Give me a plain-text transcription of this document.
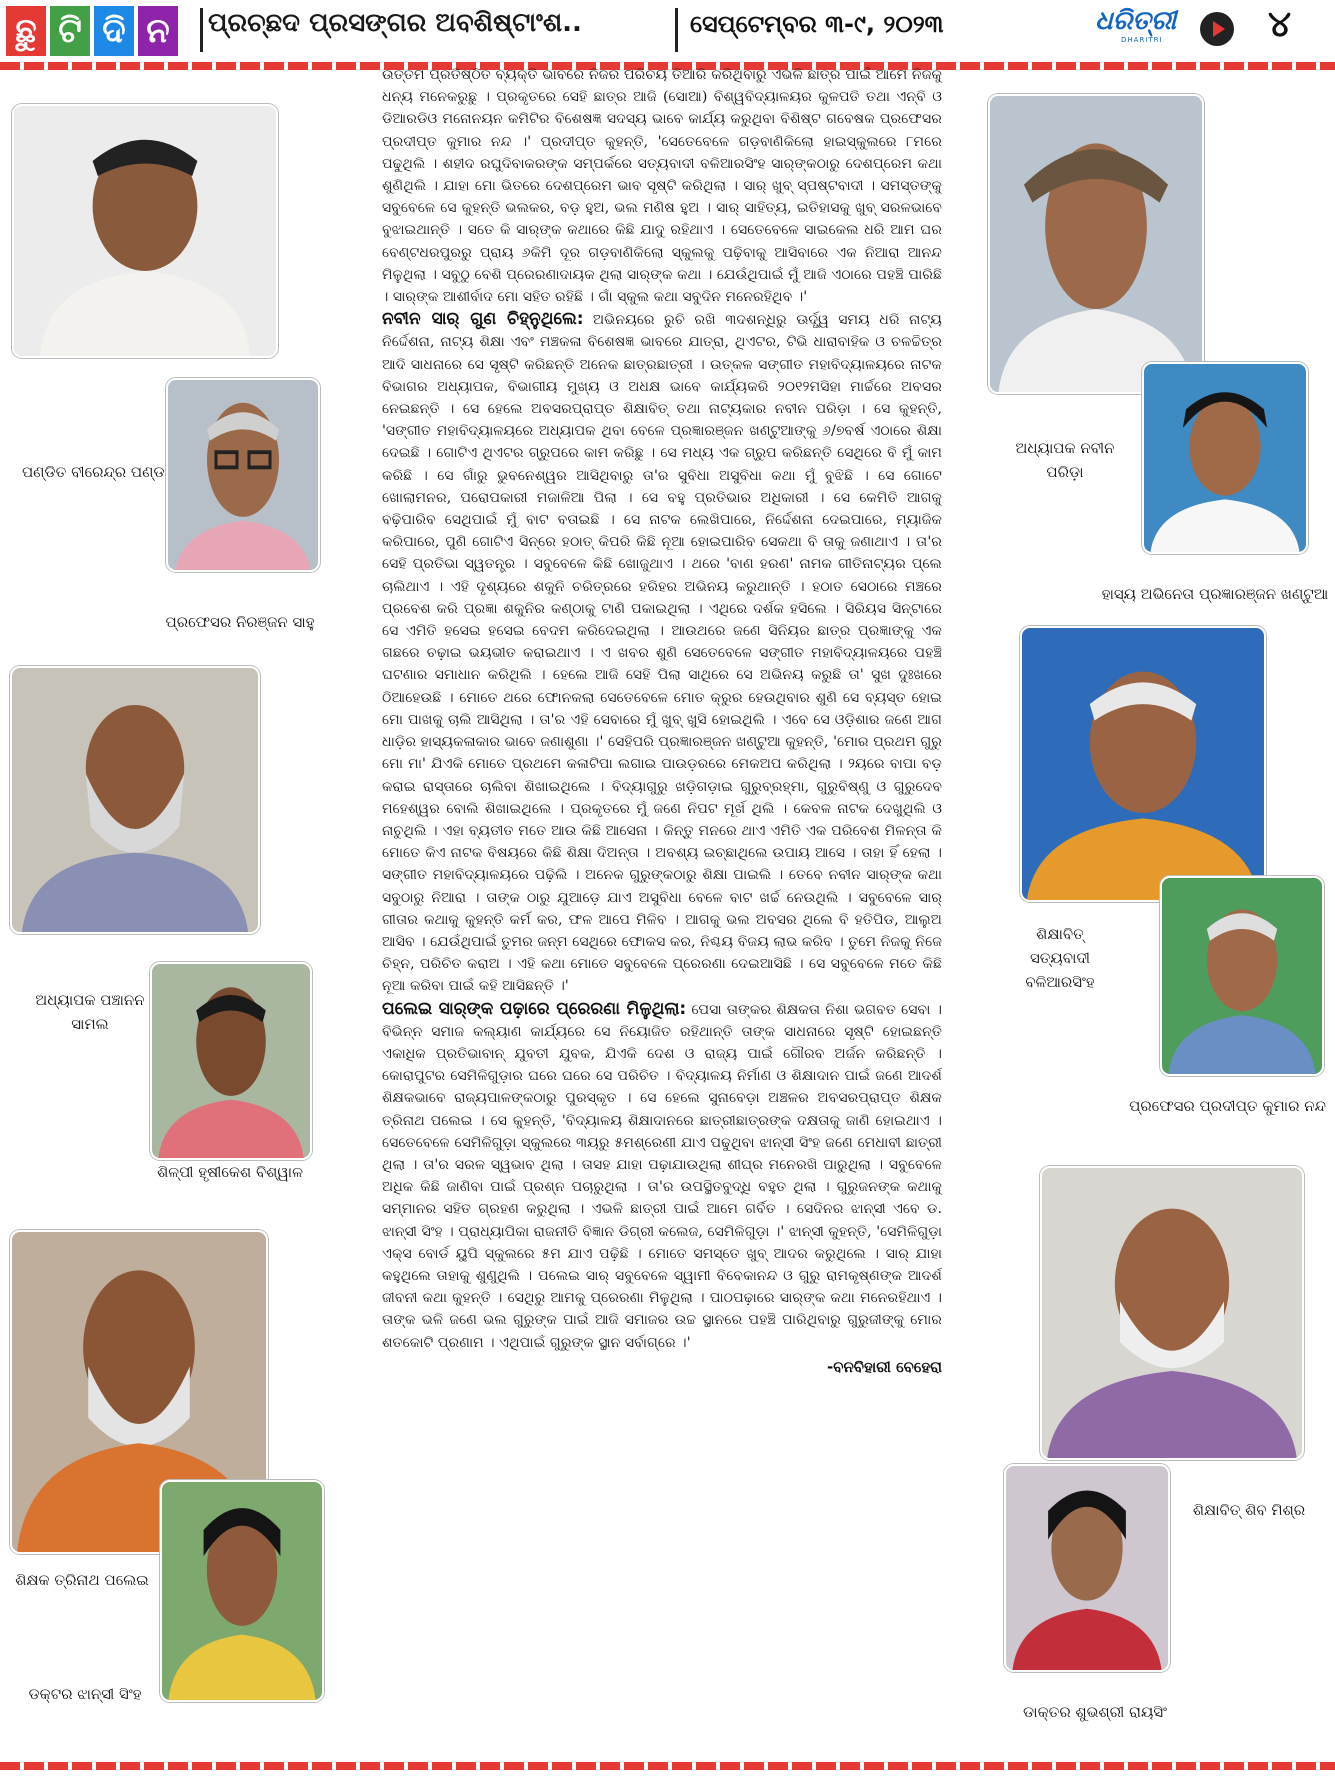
ଛୁ ଟି ଦି ନ	ପ୍ରଚ୍ଛଦ ପ୍ରସଙ୍ଗର ଅବଶିଷ୍ଟାଂଶ..	ସେପ୍ଟେମ୍ବର ୩-୯, ୨୦୨୩	ଧରିତ୍ରୀ
DHARITRI	୪
ପଣ୍ଡିତ ବୀରେନ୍ଦ୍ର ପଣ୍ଡା
ପ୍ରଫେସର ନିରଞ୍ଜନ ସାହୁ
ଅଧ୍ୟାପକ ପଞ୍ଚାନନ
ସାମଲ
ଶିଳ୍ପୀ ହୃଷୀକେଶ ବିଶ୍ୱାଳ
ଶିକ୍ଷକ ତ୍ରିନାଥ ପଲେଇ
ଡକ୍ଟର ଝାନ୍ସୀ ସିଂହ

ଉତ୍ତମ ପ୍ରତିଷ୍ଠିତ ବ୍ୟକ୍ତି ଭାବରେ ନିଜର ପରିଚୟ ତିଆରି କରିଥିବାରୁ ଏଭଳି ଛାତ୍ର ପାଇଁ ଆମେ ନିଜକୁ ଧନ୍ୟ ମନେକରୁଛୁ । ପ୍ରକୃତରେ ସେହି ଛାତ୍ର ଆଜି (ସୋଆ) ବିଶ୍ୱବିଦ୍ୟାଳୟର କୁଳପତି ତଥା ଏନ୍‌ବି ଓ ଡିଆରଡିଓ ମନୋନୟନ କମିଟିର ବିଶେଷଜ୍ଞ ସଦସ୍ୟ ଭାବେ କାର୍ଯ୍ୟ କରୁଥିବା ବିଶିଷ୍ଟ ଗବେଷକ ପ୍ରଫେସର ପ୍ରଦୀପ୍ତ କୁମାର ନନ୍ଦ ।' ପ୍ରଦୀପ୍ତ କୁହନ୍ତି, 'ସେତେବେଳେ ଗଡ଼ବାଣିକିଲୋ ହାଇସ୍କୁଲରେ ୮ମରେ ପଢୁଥିଲି । ଶହୀଦ ରଘୁଦିବାକରଙ୍କ ସମ୍ପର୍କରେ ସତ୍ୟବାଦୀ ବଳିଆରସିଂହ ସାର୍‌ଙ୍କଠାରୁ ଦେଶପ୍ରେମ କଥା ଶୁଣିଥିଲି । ଯାହା ମୋ ଭିତରେ ଦେଶପ୍ରେମ ଭାବ ସୃଷ୍ଟି କରିଥିଲା । ସାର୍ ଖୁବ୍ ସ୍ପଷ୍ଟବାଦୀ । ସମସ୍ତଙ୍କୁ ସବୁବେଳେ ସେ କୁହନ୍ତି ଭଲକର, ବଡ଼ ହୁଅ, ଭଲ ମଣିଷ ହୁଅ । ସାର୍ ସାହିତ୍ୟ, ଇତିହାସକୁ ଖୁବ୍ ସରଳଭାବେ ବୁଝାଇଥାନ୍ତି । ସତେ କି ସାର୍‌ଙ୍କ କଥାରେ କିଛି ଯାଦୁ ରହିଥାଏ । ସେତେବେଳେ ସାଇକେଲ ଧରି ଆମ ଘର ବେଣ୍ଟଧରପୁରରୁ ପ୍ରାୟ ୬କିମି ଦୂର ଗଡ଼ବାଣିକିଲୋ ସ୍କୁଲକୁ ପଢ଼ିବାକୁ ଆସିବାରେ ଏକ ନିଆରା ଆନନ୍ଦ ମିଳୁଥିଲା । ସବୁଠୁ ବେଶି ପ୍ରେରଣାଦାୟକ ଥିଲା ସାର୍‌ଙ୍କ କଥା । ଯେଉଁଥିପାଇଁ ମୁଁ ଆଜି ଏଠାରେ ପହଞ୍ଚି ପାରିଛି । ସାର୍‌ଙ୍କ ଆଶୀର୍ବାଦ ମୋ ସହିତ ରହିଛି । ଗାଁ ସ୍କୁଲ କଥା ସବୁଦିନ ମନେରହିଥିବ ।'

ନବୀନ ସାର୍ ଗୁଣ ଚିହ୍ନୁଥିଲେ: ଅଭିନୟରେ ରୁଚି ରଖି ୩ଦଶନ୍ଧିରୁ ଊର୍ଦ୍ଧ୍ୱ ସମୟ ଧରି ନାଟ୍ୟ ନିର୍ଦ୍ଦେଶନା, ନାଟ୍ୟ ଶିକ୍ଷା ଏବଂ ମଞ୍ଚକଳା ବିଶେଷଜ୍ଞ ଭାବରେ ଯାତ୍ରା, ଥିଏଟର, ଟିଭି ଧାରାବାହିକ ଓ ଚଳଚ୍ଚିତ୍ର ଆଦି ସାଧନାରେ ସେ ସୃଷ୍ଟି କରିଛନ୍ତି ଅନେକ ଛାତ୍ରଛାତ୍ରୀ । ଉତ୍କଳ ସଙ୍ଗୀତ ମହାବିଦ୍ୟାଳୟରେ ନାଟକ ବିଭାଗର ଅଧ୍ୟାପକ, ବିଭାଗୀୟ ମୁଖ୍ୟ ଓ ଅଧକ୍ଷ ଭାବେ କାର୍ଯ୍ୟକରି ୨୦୧୨ମସିହା ମାର୍ଚ୍ଚରେ ଅବସର ନେଇଛନ୍ତି । ସେ ହେଲେ ଅବସରପ୍ରାପ୍ତ ଶିକ୍ଷାବିତ୍ ତଥା ନାଟ୍ୟକାର ନବୀନ ପରିଡ଼ା । ସେ କୁହନ୍ତି, 'ସଙ୍ଗୀତ ମହାବିଦ୍ୟାଳୟରେ ଅଧ୍ୟାପକ ଥିବା ବେଳେ ପ୍ରଜ୍ଞାରଞ୍ଜନ ଖଣ୍ଟୁଆଙ୍କୁ ୬/୭ବର୍ଷ ଏଠାରେ ଶିକ୍ଷା ଦେଇଛି । ଗୋଟିଏ ଥିଏଟର ଗ୍ରୁପରେ କାମ କରିଛୁ । ସେ ମଧ୍ୟ ଏକ ଗ୍ରୁପ କରିଛନ୍ତି ସେଥିରେ ବି ମୁଁ କାମ କରିଛି । ସେ ଗାଁରୁ ଭୁବନେଶ୍ୱର ଆସିଥିବାରୁ ତା'ର ସୁବିଧା ଅସୁବିଧା କଥା ମୁଁ ବୁଝିଛି । ସେ ଗୋଟେ ଖୋଲାମନର, ପରୋପକାରୀ ମଜାଳିଆ ପିଲା । ସେ ବହୁ ପ୍ରତିଭାର ଅଧିକାରୀ । ସେ କେମିତି ଆଗକୁ ବଢ଼ିପାରିବ ସେଥିପାଇଁ ମୁଁ ବାଟ ବତାଇଛି । ସେ ନାଟକ ଲେଖିପାରେ, ନିର୍ଦ୍ଦେଶନା ଦେଇପାରେ, ମ୍ୟାଜିକ କରିପାରେ, ପୁଣି ଗୋଟିଏ ସିନ୍‌ରେ ହଠାତ୍ କିପରି କିଛି ନୂଆ ହୋଇପାରିବ ସେକଥା ବି ତାକୁ ଜଣାଥାଏ । ତା'ର ସେହି ପ୍ରତିଭା ସ୍ୱତନ୍ତ୍ର । ସବୁବେଳେ କିଛି ଖୋଜୁଥାଏ । ଥରେ 'ବାଣ ହରଣ' ନାମକ ଗୀତିନାଟ୍ୟର ପ୍ଲେ ଚାଲିଥାଏ । ଏହି ଦୃଶ୍ୟରେ ଶକୁନି ଚରିତ୍ରରେ ହରିହର ଅଭିନୟ କରୁଥାନ୍ତି । ହଠାତ ସେଠାରେ ମଞ୍ଚରେ ପ୍ରବେଶ କରି ପ୍ରଜ୍ଞା ଶକୁନିର କଣ୍ଠାକୁ ଟାଣି ପକାଇଥିଲା । ଏଥିରେ ଦର୍ଶକ ହସିଲେ । ସିରିୟସ ସିନ୍‌ଟାରେ ସେ ଏମିତି ହସେଇ ହସେଇ ବେଦମ କରିଦେଇଥିଲା । ଆଉଥରେ ଜଣେ ସିନିୟର ଛାତ୍ର ପ୍ରଜ୍ଞାଙ୍କୁ ଏକ ଗଛରେ ଚଢ଼ାଇ ଭୟଭୀତ କରାଇଥାଏ । ଏ ଖବର ଶୁଣି ସେତେବେଳେ ସଙ୍ଗୀତ ମହାବିଦ୍ୟାଳୟରେ ପହଞ୍ଚି ଘଟଣାର ସମାଧାନ କରିଥିଲି । ହେଲେ ଆଜି ସେହି ପିଲା ସାଥିରେ ସେ ଅଭିନୟ କରୁଛି ତା' ସୁଖ ଦୁଃଖରେ ଠିଆହେଉଛି । ମୋତେ ଥରେ ଫୋନକଲା ସେତେବେଳେ ମୋତ କ୍ରୁର ହେଉଥିବାର ଶୁଣି ସେ ବ୍ୟସ୍ତ ହୋଇ ମୋ ପାଖକୁ ଚାଲି ଆସିଥିଲା । ତା'ର ଏହି ସେବାରେ ମୁଁ ଖୁବ୍ ଖୁସି ହୋଇଥିଲି । ଏବେ ସେ ଓଡ଼ିଶାର ଜଣେ ଆଗ ଧାଡ଼ିର ହାସ୍ୟକଳାକାର ଭାବେ ଜଣାଶୁଣା ।' ସେହିପରି ପ୍ରଜ୍ଞାରଞ୍ଜନ ଖଣ୍ଟୁଆ କୁହନ୍ତି, 'ମୋର ପ୍ରଥମ ଗୁରୁ ମୋ ମା' ଯିଏକି ମୋତେ ପ୍ରଥମେ କଳାଟିପା ଲଗାଇ ପାଉଡ଼ରରେ ମେକଅପ କରିଥିଲା । ୨ୟରେ ବାପା ବଡ଼ କରାଇ ରାସ୍ତାରେ ଚାଲିବା ଶିଖାଇଥିଲେ । ବିଦ୍ୟାଗୁରୁ ଖଡ଼ିଗଡ଼ାଇ ଗୁରୁବ୍ରହ୍ମା, ଗୁରୁବିଷ୍ଣୁ ଓ ଗୁରୁଦେବ ମହେଶ୍ୱର ବୋଲି ଶିଖାଇଥିଲେ । ପ୍ରକୃତରେ ମୁଁ ଜଣେ ନିପଟ ମୂର୍ଖ ଥିଲି । କେବଳ ନାଟକ ଦେଖୁଥିଲି ଓ ନାଚୁଥିଲି । ଏହା ବ୍ୟତୀତ ମତେ ଆଉ କିଛି ଆସେନା । କିନ୍ତୁ ମନରେ ଥାଏ ଏମିତି ଏକ ପରିବେଶ ମିଳନ୍ତା କି ମୋତେ କିଏ ନାଟକ ବିଷୟରେ କିଛି ଶିକ୍ଷା ଦିଅନ୍ତା । ଅବଶ୍ୟ ଇଚ୍ଛାଥିଲେ ଉପାୟ ଆସେ । ତାହା ହିଁ ହେଲା । ସଙ୍ଗୀତ ମହାବିଦ୍ୟାଳୟରେ ପଢ଼ିଲି । ଅନେକ ଗୁରୁଙ୍କଠାରୁ ଶିକ୍ଷା ପାଇଲି । ତେବେ ନବୀନ ସାର୍‌ଙ୍କ କଥା ସବୁଠାରୁ ନିଆରା । ତାଙ୍କ ଠାରୁ ଯୁଆଡ଼େ ଯାଏ ଅସୁବିଧା ବେଳେ ବାଟ ଖର୍ଚ୍ଚ ନେଉଥିଲି । ସବୁବେଳେ ସାର୍ ଗୀତାର କଥାକୁ କୁହନ୍ତି କର୍ମ କର, ଫଳ ଆପେ ମିଳିବ । ଆଗକୁ ଭଲ ଅବସର ଥିଲେ ବି ହତିପିଡ, ଆଲୁଅ ଆସିବ । ଯେଉଁଥିପାଇଁ ତୁମର ଜନ୍ମ ସେଥିରେ ଫୋକସ କର, ନିଶ୍ଚୟ ବିଜୟ ଲାଭ କରିବ । ତୁମେ ନିଜକୁ ନିଜେ ଚିହ୍ନ, ପରିଚିତ କରାଅ । ଏହି କଥା ମୋତେ ସବୁବେଳେ ପ୍ରେରଣା ଦେଇଆସିଛି । ସେ ସବୁବେଳେ ମତେ କିଛି ନୂଆ କରିବା ପାଇଁ କହି ଆସିଛନ୍ତି ।'

ପଲେଇ ସାର୍‌ଙ୍କ ପଢ଼ାରେ ପ୍ରେରଣା ମିଳୁଥିଲା: ପେସା ତାଙ୍କର ଶିକ୍ଷକତା ନିଶା ଭଗବତ ସେବା । ବିଭିନ୍ନ ସମାଜ କଲ୍ୟାଣ କାର୍ଯ୍ୟରେ ସେ ନିୟୋଜିତ ରହିଥାନ୍ତି ତାଙ୍କ ସାଧନାରେ ସୃଷ୍ଟି ହୋଇଛନ୍ତି ଏକାଧିକ ପ୍ରତିଭାବାନ୍ ଯୁବତୀ ଯୁବକ, ଯିଏକି ଦେଶ ଓ ରାଜ୍ୟ ପାଇଁ ଗୌରବ ଅର୍ଜନ କରିଛନ୍ତି । କୋରାପୁଟର ସେମିଳିଗୁଡ଼ାର ଘରେ ଘରେ ସେ ପରିଚିତ । ବିଦ୍ୟାଳୟ ନିର୍ମାଣ ଓ ଶିକ୍ଷାଦାନ ପାଇଁ ଜଣେ ଆଦର୍ଶ ଶିକ୍ଷକଭାବେ ରାଜ୍ୟପାଳଙ୍କଠାରୁ ପୁରସ୍କୃତ । ସେ ହେଲେ ସୁନାବେଡ଼ା ଅଞ୍ଚଳର ଅବସରପ୍ରାପ୍ତ ଶିକ୍ଷକ ତ୍ରିନାଥ ପଲେଇ । ସେ କୁହନ୍ତି, 'ବିଦ୍ୟାଳୟ ଶିକ୍ଷାଦାନରେ ଛାତ୍ରୀଛାତ୍ରଙ୍କ ଦକ୍ଷତାକୁ ଜାଣି ହୋଇଥାଏ । ସେତେବେଳେ ସେମିଳିଗୁଡ଼ା ସ୍କୁଲରେ ୩ୟରୁ ୫ମଶ୍ରେଣୀ ଯାଏ ପଢୁଥିବା ଝାନ୍ସୀ ସିଂହ ଜଣେ ମେଧାବୀ ଛାତ୍ରୀ ଥିଲା । ତା'ର ସରଳ ସ୍ୱଭାବ ଥିଲା । ତାସହ ଯାହା ପଢ଼ାଯାଉଥିଲା ଶୀଘ୍ର ମନେରଖି ପାରୁଥିଲା । ସବୁବେଳେ ଅଧିକ କିଛି ଜାଣିବା ପାଇଁ ପ୍ରଶ୍ନ ପଚାରୁଥିଲା । ତା'ର ଉପସ୍ଥିତବୁଦ୍ଧି ବହୁତ ଥିଲା । ଗୁରୁଜନଙ୍କ କଥାକୁ ସମ୍ମାନର ସହିତ ଗ୍ରହଣ କରୁଥିଲା । ଏଭଳି ଛାତ୍ରୀ ପାଇଁ ଆମେ ଗର୍ବିତ । ସେଦିନର ଝାନ୍ସୀ ଏବେ ଡ. ଝାନ୍ସୀ ସିଂହ । ପ୍ରାଧ୍ୟାପିକା ରାଜନୀତି ବିଜ୍ଞାନ ଡିଗ୍ରୀ କଲେଜ, ସେମିଳିଗୁଡ଼ା ।' ଝାନ୍ସୀ କୁହନ୍ତି, 'ସେମିଳିଗୁଡ଼ା ଏକ୍ସ ବୋର୍ଡ ୟୁପି ସ୍କୁଲରେ ୫ମ ଯାଏ ପଢ଼ିଛି । ମୋତେ ସମସ୍ତେ ଖୁବ୍ ଆଦର କରୁଥିଲେ । ସାର୍ ଯାହା କହୁଥିଲେ ତାହାକୁ ଶୁଣୁଥିଲି । ପଲେଇ ସାର୍ ସବୁବେଳେ ସ୍ୱାମୀ ବିବେକାନନ୍ଦ ଓ ଗୁରୁ ରାମକୃଷ୍ଣଙ୍କ ଆଦର୍ଶ ଜୀବନୀ କଥା କୁହନ୍ତି । ସେଥିରୁ ଆମକୁ ପ୍ରେରଣା ମିଳୁଥିଲା । ପାଠପଢ଼ାରେ ସାର୍‌ଙ୍କ କଥା ମନେରହିଥାଏ । ତାଙ୍କ ଭଳି ଜଣେ ଭଲ ଗୁରୁଙ୍କ ପାଇଁ ଆଜି ସମାଜର ଉଚ୍ଚ ସ୍ଥାନରେ ପହଞ୍ଚି ପାରିଥିବାରୁ ଗୁରୁଜୀଙ୍କୁ ମୋର ଶତକୋଟି ପ୍ରଣାମ । ଏଥିପାଇଁ ଗୁରୁଙ୍କ ସ୍ଥାନ ସର୍ବାଗ୍ରେ ।'

-ବନବିହାରୀ ବେହେରା
ଅଧ୍ୟାପକ ନବୀନ
ପରିଡ଼ା
ହାସ୍ୟ ଅଭିନେତା ପ୍ରଜ୍ଞାରଞ୍ଜନ ଖଣ୍ଟୁଆ
ଶିକ୍ଷାବିତ୍
ସତ୍ୟବାଦୀ
ବଳିଆରସିଂହ
ପ୍ରଫେସର ପ୍ରଦୀପ୍ତ କୁମାର ନନ୍ଦ
ଶିକ୍ଷାବିତ୍ ଶିବ ମିଶ୍ର
ଡାକ୍ତର ଶୁଭଶ୍ରୀ ରାୟସିଂ
